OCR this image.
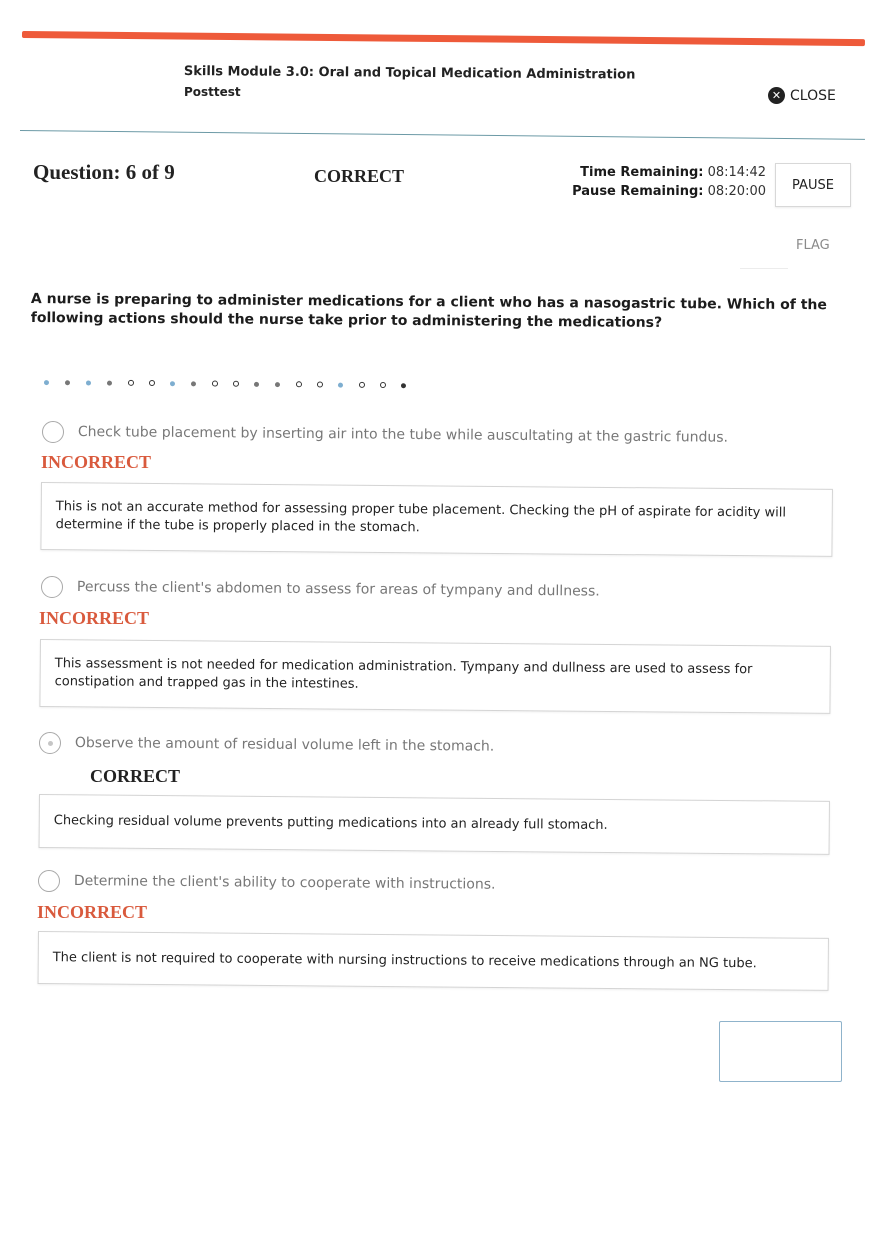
Skills Module 3.0: Oral and Topical Medication Administration
Posttest	✕ CLOSE
Question: 6 of 9	CORRECT	Time Remaining: 08:14:42
Pause Remaining: 08:20:00	PAUSE
FLAG
A nurse is preparing to administer medications for a client who has a nasogastric tube. Which of the following actions should the nurse take prior to administering the medications?
Check tube placement by inserting air into the tube while auscultating at the gastric fundus.
INCORRECT
This is not an accurate method for assessing proper tube placement. Checking the pH of aspirate for acidity will determine if the tube is properly placed in the stomach.
Percuss the client's abdomen to assess for areas of tympany and dullness.
INCORRECT
This assessment is not needed for medication administration. Tympany and dullness are used to assess for constipation and trapped gas in the intestines.
Observe the amount of residual volume left in the stomach.
CORRECT
Checking residual volume prevents putting medications into an already full stomach.
Determine the client's ability to cooperate with instructions.
INCORRECT
The client is not required to cooperate with nursing instructions to receive medications through an NG tube.
